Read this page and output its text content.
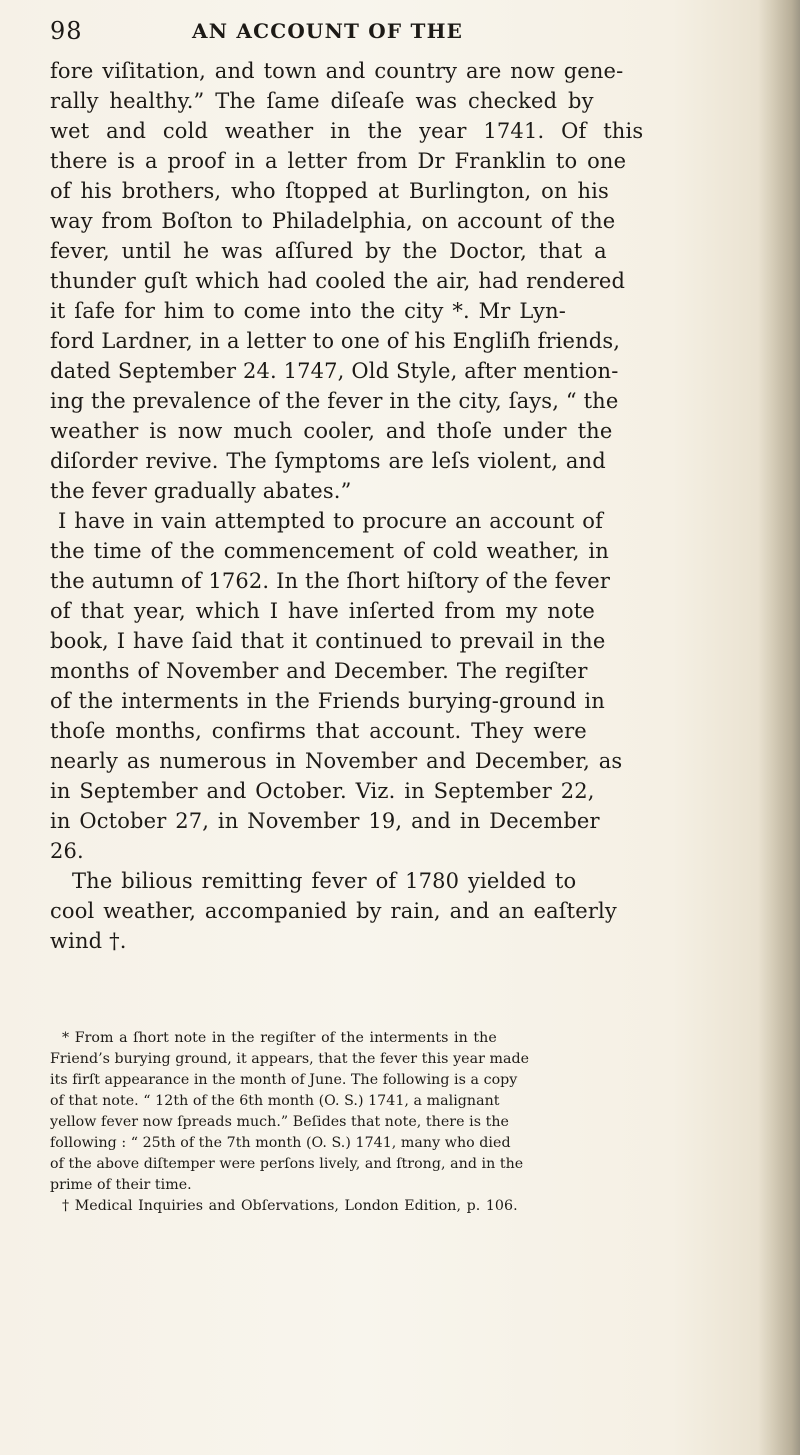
98	AN ACCOUNT OF THE
fore viſitation, and town and country are now gene-
rally healthy.” The ſame diſeaſe was checked by
wet and cold weather in the year 1741. Of this
there is a proof in a letter from Dr Franklin to one
of his brothers, who ſtopped at Burlington, on his
way from Boſton to Philadelphia, on account of the
fever, until he was aſſured by the Doctor, that a
thunder guſt which had cooled the air, had rendered
it ſafe for him to come into the city *. Mr Lyn-
ford Lardner, in a letter to one of his Engliſh friends,
dated September 24. 1747, Old Style, after mention-
ing the prevalence of the fever in the city, ſays, “ the
weather is now much cooler, and thoſe under the
diſorder revive. The ſymptoms are leſs violent, and
the fever gradually abates.”
I have in vain attempted to procure an account of
the time of the commencement of cold weather, in
the autumn of 1762. In the ſhort hiſtory of the fever
of that year, which I have inſerted from my note
book, I have ſaid that it continued to prevail in the
months of November and December. The regiſter
of the interments in the Friends burying-ground in
thoſe months, confirms that account. They were
nearly as numerous in November and December, as
in September and October. Viz. in September 22,
in October 27, in November 19, and in December
26.
The bilious remitting fever of 1780 yielded to
cool weather, accompanied by rain, and an eaſterly
wind †.
* From a ſhort note in the regiſter of the interments in the
Friend’s burying ground, it appears, that the fever this year made
its firſt appearance in the month of June. The following is a copy
of that note. “ 12th of the 6th month (O. S.) 1741, a malignant
yellow fever now ſpreads much.” Beſides that note, there is the
following : “ 25th of the 7th month (O. S.) 1741, many who died
of the above diſtemper were perſons lively, and ſtrong, and in the
prime of their time.
† Medical Inquiries and Obſervations, London Edition, p. 106.
